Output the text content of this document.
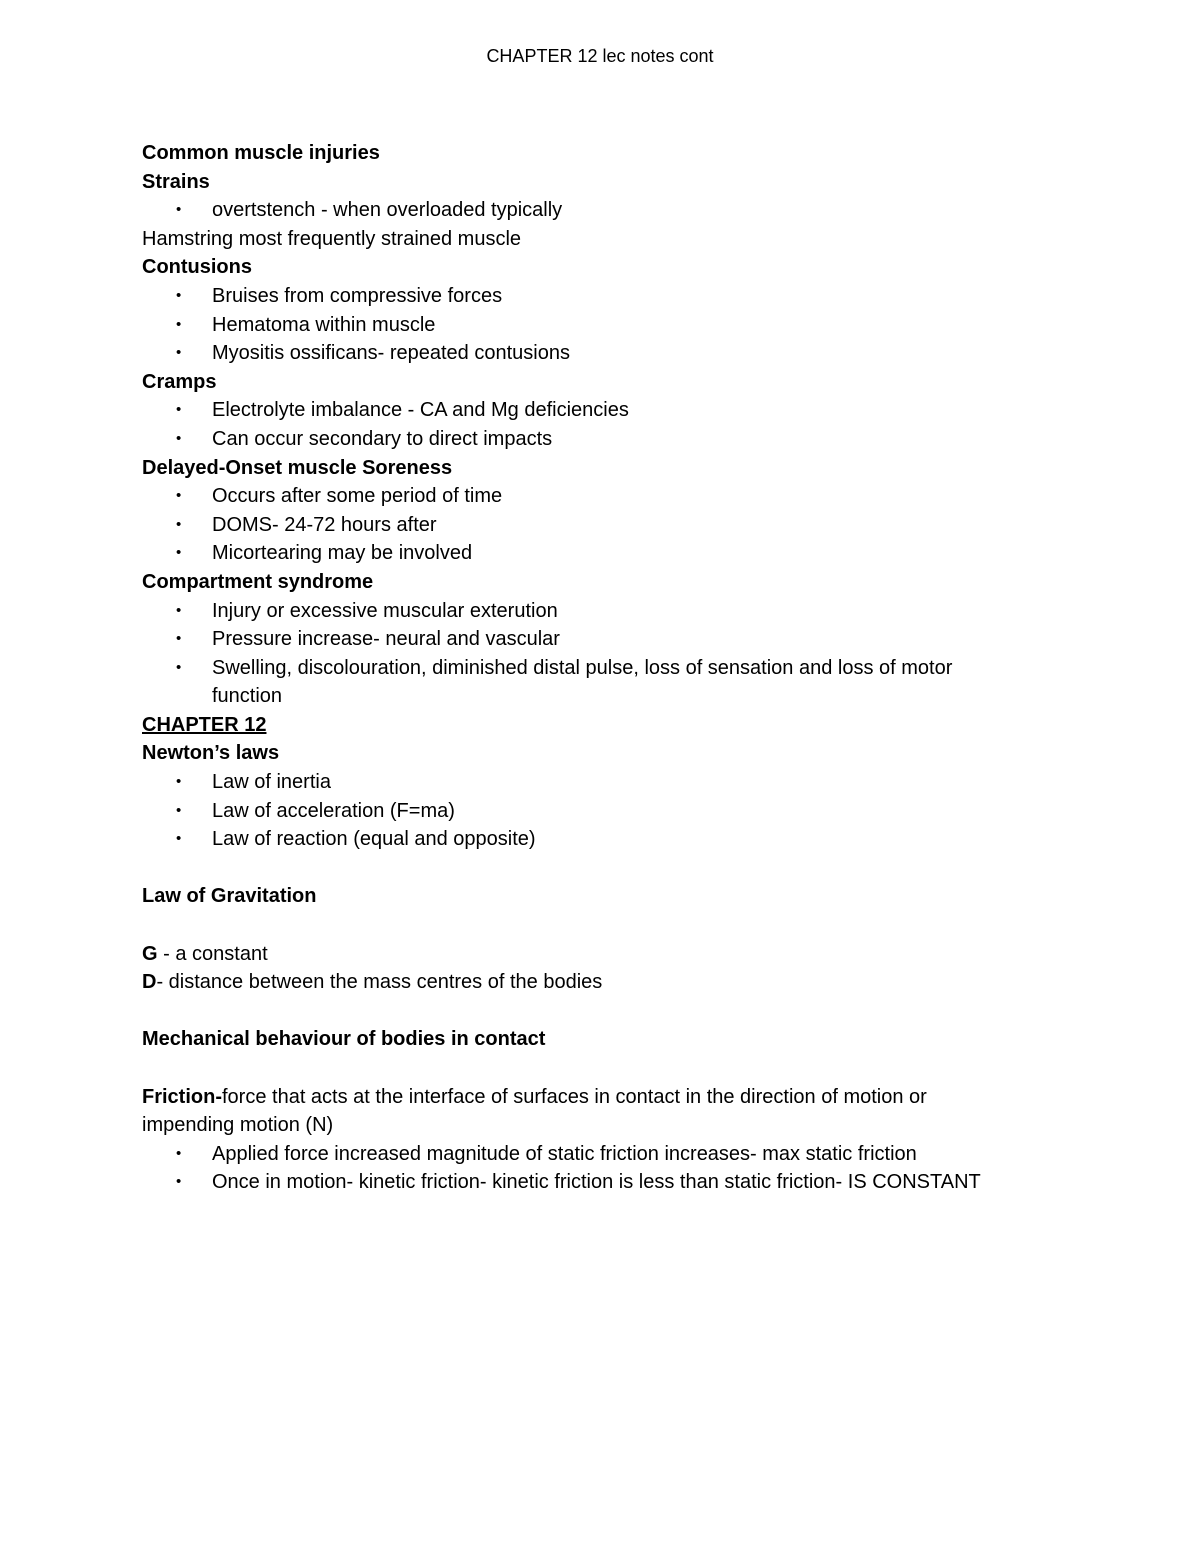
CHAPTER 12 lec notes cont
Common muscle injuries
Strains
• overtstench - when overloaded typically
Hamstring most frequently strained muscle
Contusions
• Bruises from compressive forces
• Hematoma within muscle
• Myositis ossificans- repeated contusions
Cramps
• Electrolyte imbalance - CA and Mg deficiencies
• Can occur secondary to direct impacts
Delayed-Onset muscle Soreness
• Occurs after some period of time
• DOMS- 24-72 hours after
• Micortearing may be involved
Compartment syndrome
• Injury or excessive muscular exterution
• Pressure increase- neural and vascular
• Swelling, discolouration, diminished distal pulse, loss of sensation and loss of motor function
CHAPTER 12
Newton’s laws
• Law of inertia
• Law of acceleration (F=ma)
• Law of reaction (equal and opposite)
Law of Gravitation
G - a constant
D- distance between the mass centres of the bodies
Mechanical behaviour of bodies in contact
Friction-force that acts at the interface of surfaces in contact in the direction of motion or impending motion (N)
• Applied force increased magnitude of static friction increases- max static friction
• Once in motion- kinetic friction- kinetic friction is less than static friction- IS CONSTANT
